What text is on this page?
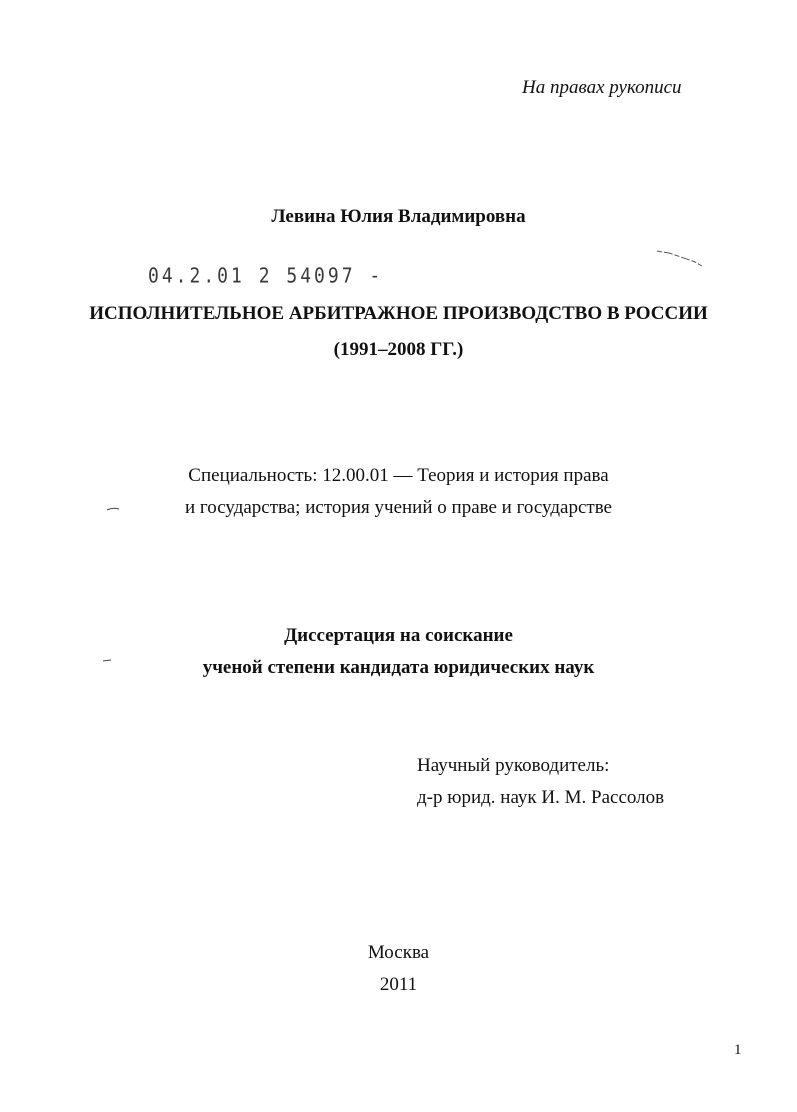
На правах рукописи
Левина Юлия Владимировна
04.2.01 2 54097 -
ИСПОЛНИТЕЛЬНОЕ АРБИТРАЖНОЕ ПРОИЗВОДСТВО В РОССИИ
(1991–2008 ГГ.)
Специальность: 12.00.01 — Теория и история права
и государства; история учений о праве и государстве
Диссертация на соискание
ученой степени кандидата юридических наук
Научный руководитель:
д-р юрид. наук И. М. Рассолов
Москва
2011
1
